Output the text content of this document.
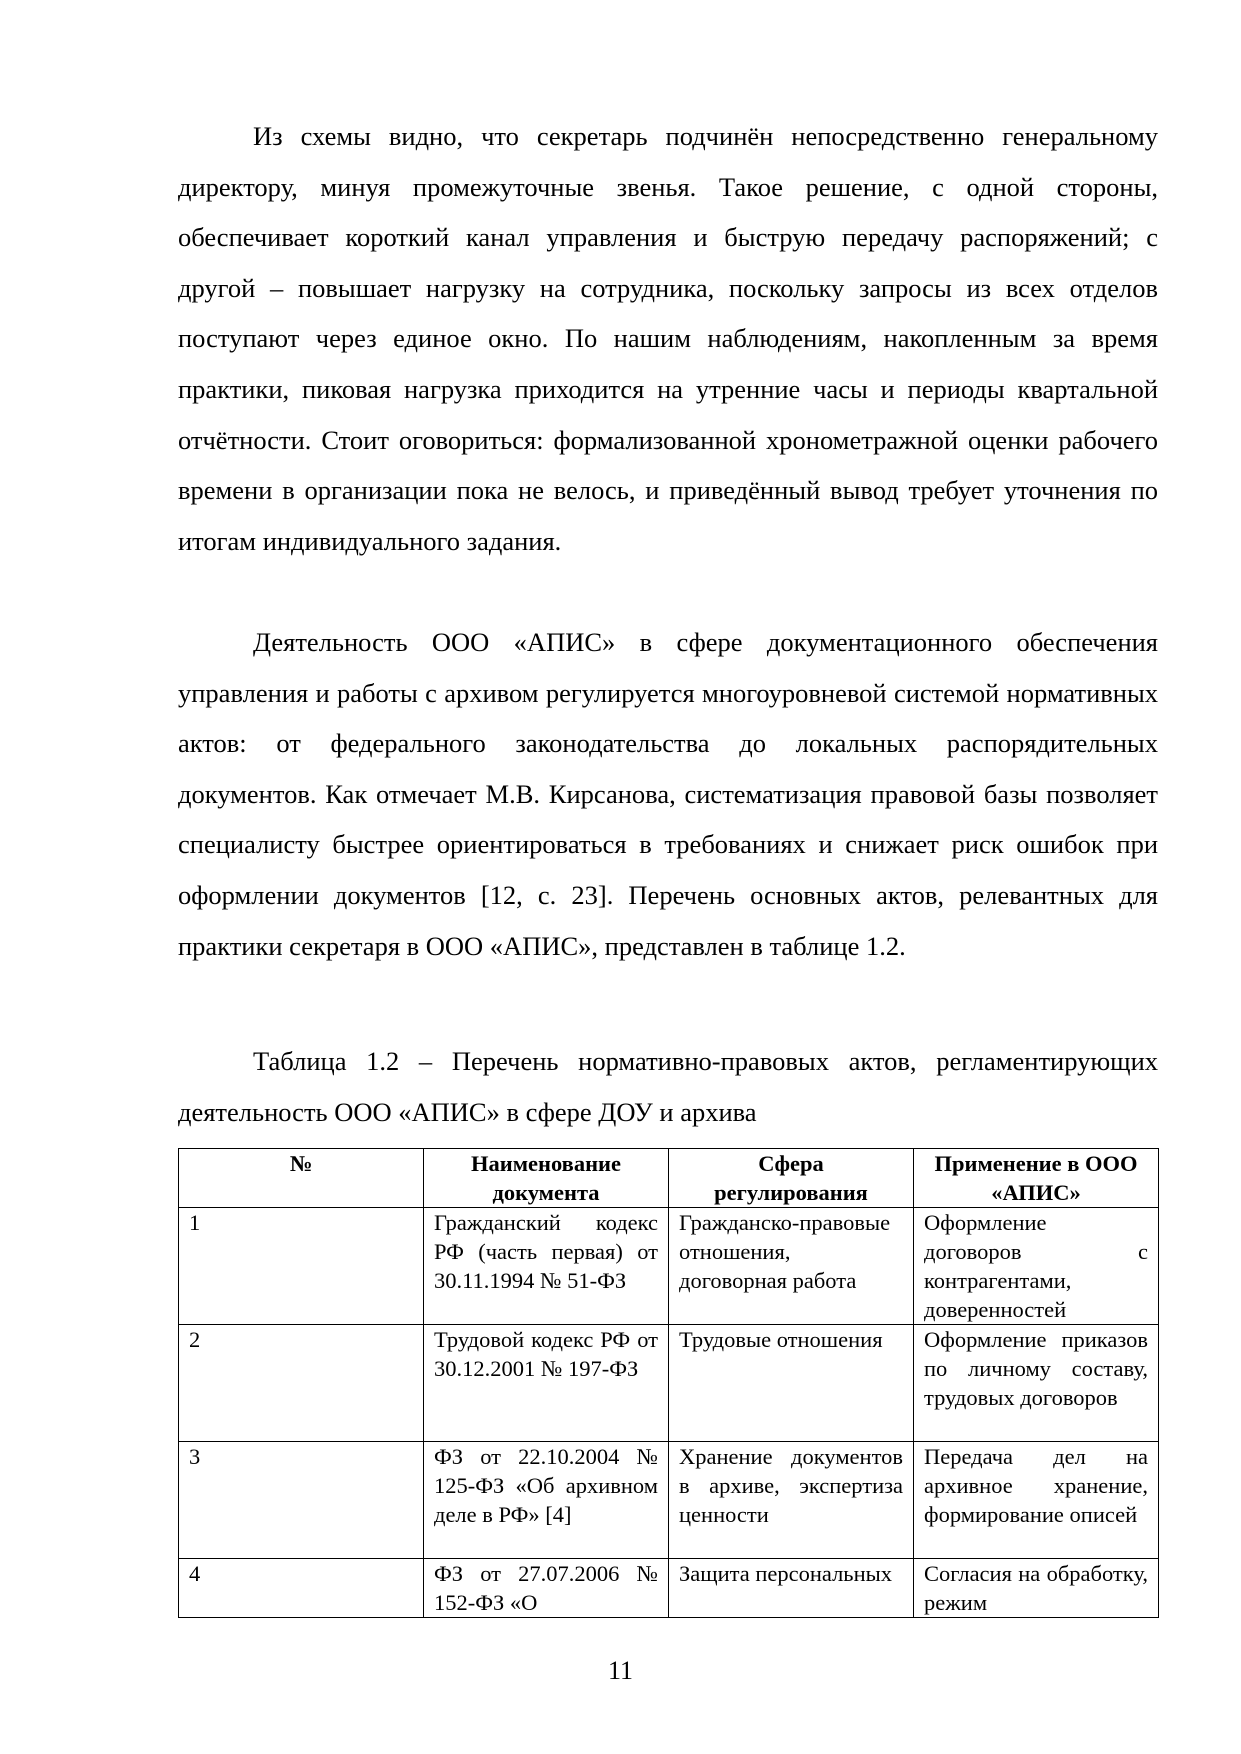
Из схемы видно, что секретарь подчинён непосредственно генеральному директору, минуя промежуточные звенья. Такое решение, с одной стороны, обеспечивает короткий канал управления и быструю передачу распоряжений; с другой – повышает нагрузку на сотрудника, поскольку запросы из всех отделов поступают через единое окно. По нашим наблюдениям, накопленным за время практики, пиковая нагрузка приходится на утренние часы и периоды квартальной отчётности. Стоит оговориться: формализованной хронометражной оценки рабочего времени в организации пока не велось, и приведённый вывод требует уточнения по итогам индивидуального задания.

Деятельность ООО «АПИС» в сфере документационного обеспечения управления и работы с архивом регулируется многоуровневой системой нормативных актов: от федерального законодательства до локальных распорядительных документов. Как отмечает М.В. Кирсанова, систематизация правовой базы позволяет специалисту быстрее ориентироваться в требованиях и снижает риск ошибок при оформлении документов [12, с. 23]. Перечень основных актов, релевантных для практики секретаря в ООО «АПИС», представлен в таблице 1.2.

Таблица 1.2 – Перечень нормативно-правовых актов, регламентирующих деятельность ООО «АПИС» в сфере ДОУ и архива

№	Наименование документа	Сфера регулирования	Применение в ООО «АПИС»
1	Гражданский кодекс РФ (часть первая) от 30.11.1994 № 51-ФЗ	Гражданско-правовые отношения, договорная работа	Оформление договоров с контрагентами, доверенностей
2	Трудовой кодекс РФ от 30.12.2001 № 197-ФЗ	Трудовые отношения	Оформление приказов по личному составу, трудовых договоров
3	ФЗ от 22.10.2004 № 125-ФЗ «Об архивном деле в РФ» [4]	Хранение документов в архиве, экспертиза ценности	Передача дел на архивное хранение, формирование описей
4	ФЗ от 27.07.2006 № 152-ФЗ «О	Защита персональных	Согласия на обработку, режим
11
